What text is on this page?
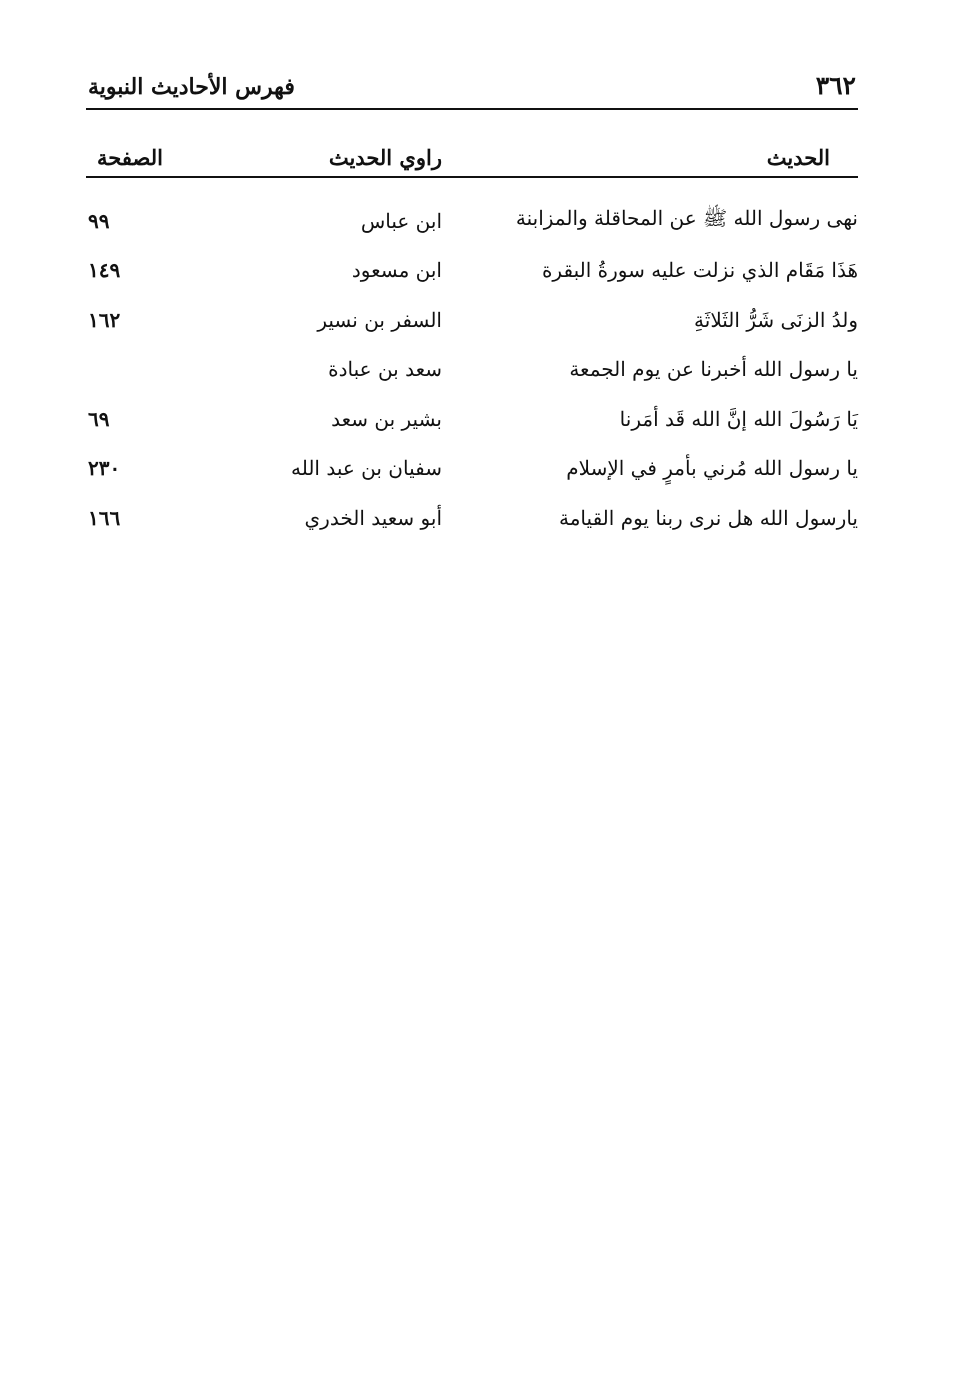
٣٦٢
فهرس الأحاديث النبوية
الحديث
راوي الحديث
الصفحة
نهى رسول الله ﷺ عن المحاقلة والمزابنة
ابن عباس
٩٩
هَذَا مَقَام الذي نزلت عليه سورةُ البقرة
ابن مسعود
١٤٩
ولدُ الزنَى شَرُّ الثَلاثَةِ
السفر بن نسير
١٦٢
يا رسول الله أخبرنا عن يوم الجمعة
سعد بن عبادة
يَا رَسُولَ الله إنَّ الله قَد أمَرنا
بشير بن سعد
٦٩
يا رسول الله مُرني بأمرٍ في الإسلام
سفيان بن عبد الله
٢٣٠
يارسول الله هل نرى ربنا يوم القيامة
أبو سعيد الخدري
١٦٦
